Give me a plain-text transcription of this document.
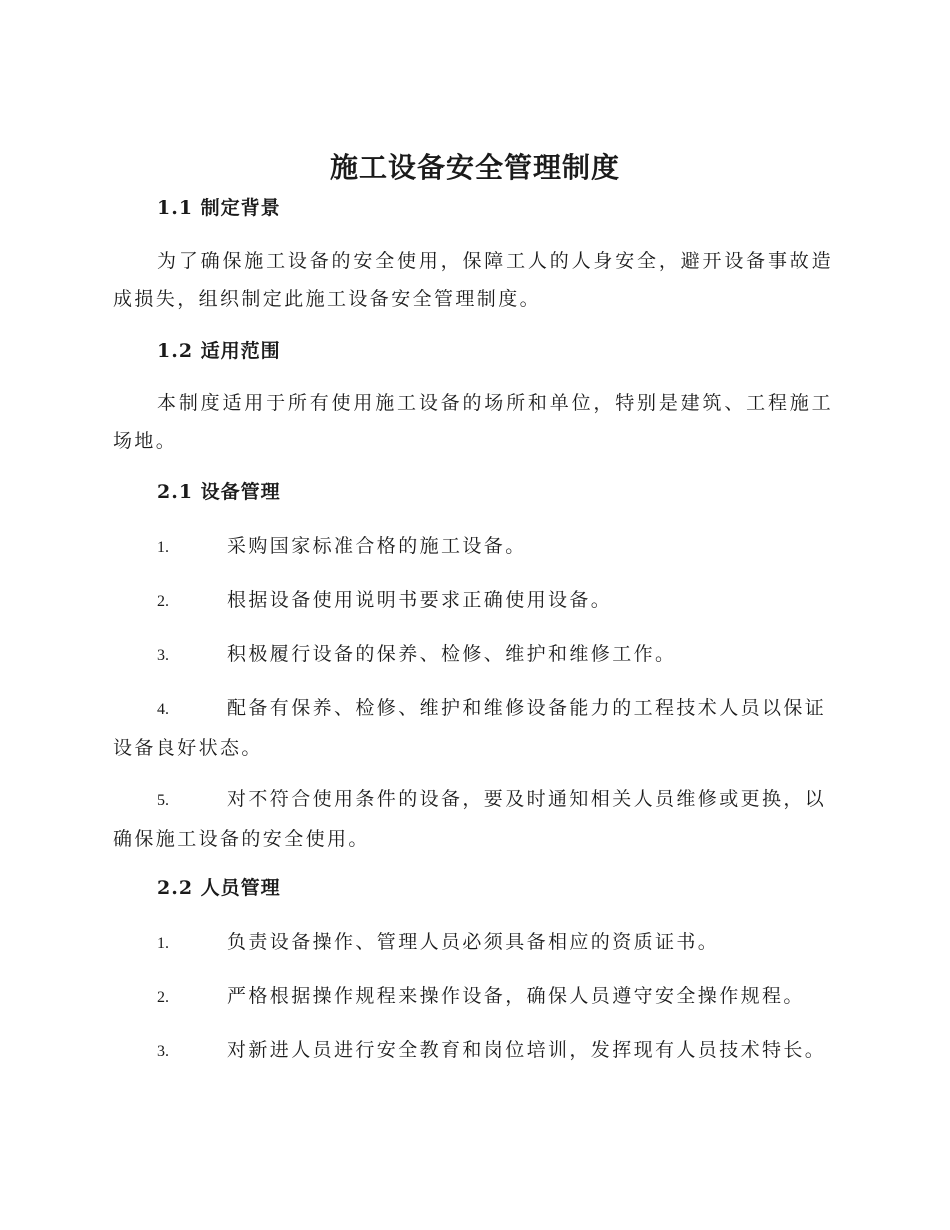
施工设备安全管理制度
1.1 制定背景
为了确保施工设备的安全使用，保障工人的人身安全，避开设备事故造成损失，组织制定此施工设备安全管理制度。
1.2 适用范围
本制度适用于所有使用施工设备的场所和单位，特别是建筑、工程施工场地。
2.1 设备管理
1.	采购国家标准合格的施工设备。
2.	根据设备使用说明书要求正确使用设备。
3.	积极履行设备的保养、检修、维护和维修工作。
4.	配备有保养、检修、维护和维修设备能力的工程技术人员以保证设备良好状态。
5.	对不符合使用条件的设备，要及时通知相关人员维修或更换，以确保施工设备的安全使用。
2.2 人员管理
1.	负责设备操作、管理人员必须具备相应的资质证书。
2.	严格根据操作规程来操作设备，确保人员遵守安全操作规程。
3.	对新进人员进行安全教育和岗位培训，发挥现有人员技术特长。
